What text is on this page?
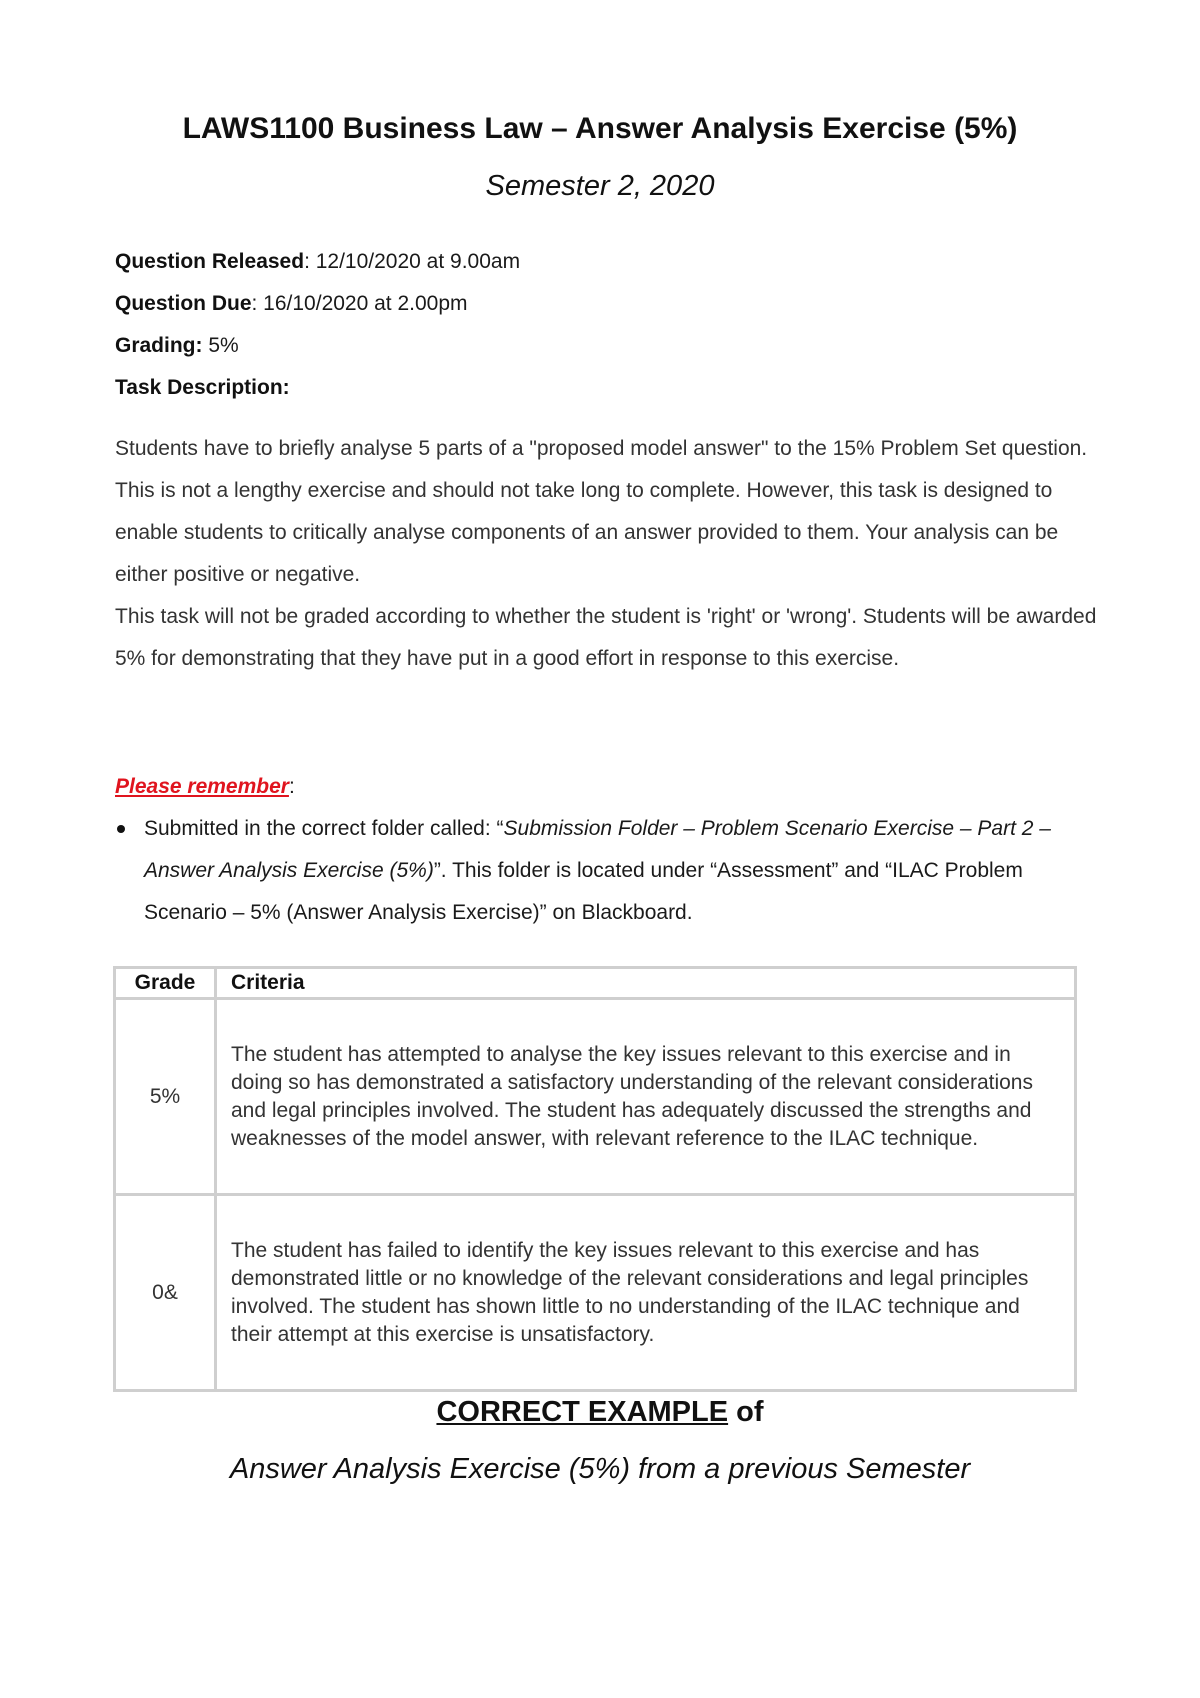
LAWS1100 Business Law – Answer Analysis Exercise (5%)
Semester 2, 2020
Question Released: 12/10/2020 at 9.00am
Question Due: 16/10/2020 at 2.00pm
Grading: 5%
Task Description:

Students have to briefly analyse 5 parts of a "proposed model answer" to the 15% Problem Set question. This is not a lengthy exercise and should not take long to complete. However, this task is designed to enable students to critically analyse components of an answer provided to them. Your analysis can be either positive or negative.

This task will not be graded according to whether the student is 'right' or 'wrong'. Students will be awarded 5% for demonstrating that they have put in a good effort in response to this exercise.

Please remember:
Submitted in the correct folder called: “Submission Folder – Problem Scenario Exercise – Part 2 – Answer Analysis Exercise (5%)”. This folder is located under “Assessment” and “ILAC Problem Scenario – 5% (Answer Analysis Exercise)” on Blackboard.
Grade	Criteria
5%	The student has attempted to analyse the key issues relevant to this exercise and in doing so has demonstrated a satisfactory understanding of the relevant considerations and legal principles involved. The student has adequately discussed the strengths and weaknesses of the model answer, with relevant reference to the ILAC technique.
0&	The student has failed to identify the key issues relevant to this exercise and has demonstrated little or no knowledge of the relevant considerations and legal principles involved. The student has shown little to no understanding of the ILAC technique and their attempt at this exercise is unsatisfactory.
CORRECT EXAMPLE of
Answer Analysis Exercise (5%) from a previous Semester
